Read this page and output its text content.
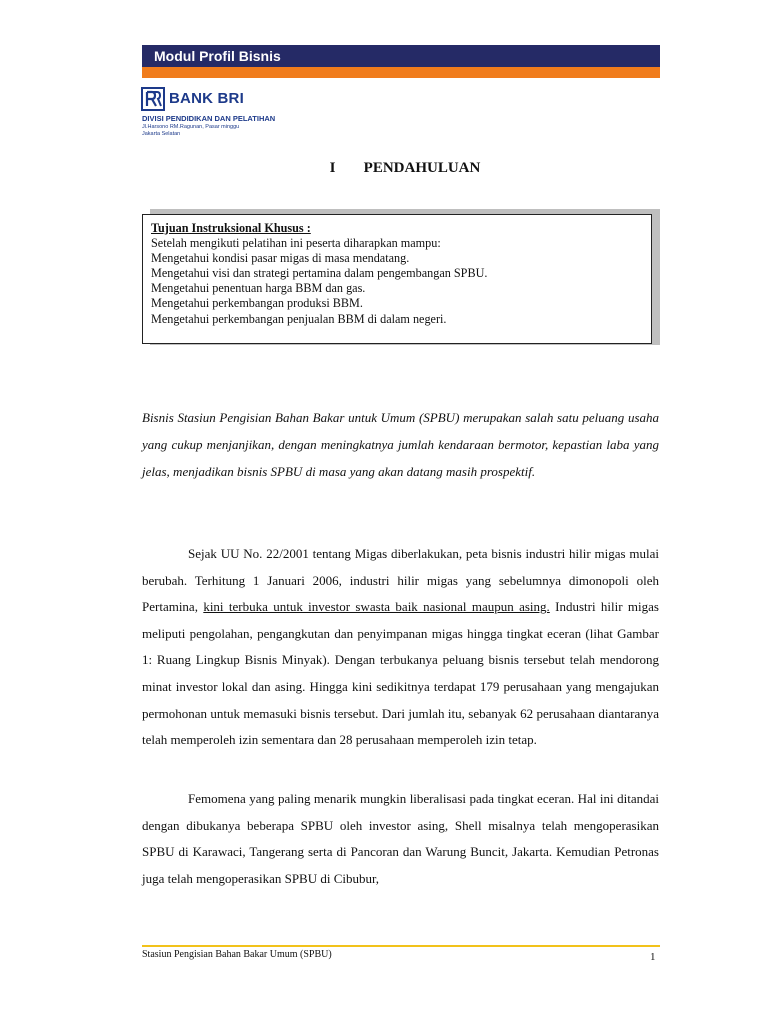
Modul Profil Bisnis
BANK BRI
DIVISI PENDIDIKAN DAN PELATIHAN
Jl.Harsono RM.Ragunan, Pasar minggu
Jakarta Selatan
I PENDAHULUAN
Tujuan Instruksional Khusus :
Setelah mengikuti pelatihan ini peserta diharapkan mampu:
Mengetahui kondisi pasar migas di masa mendatang.
Mengetahui visi dan strategi pertamina dalam pengembangan SPBU.
Mengetahui penentuan harga BBM dan gas.
Mengetahui perkembangan produksi BBM.
Mengetahui perkembangan penjualan BBM di dalam negeri.

Bisnis Stasiun Pengisian Bahan Bakar untuk Umum (SPBU) merupakan salah satu peluang usaha yang cukup menjanjikan, dengan meningkatnya jumlah kendaraan bermotor, kepastian laba yang jelas, menjadikan bisnis SPBU di masa yang akan datang masih prospektif.

Sejak UU No. 22/2001 tentang Migas diberlakukan, peta bisnis industri hilir migas mulai berubah. Terhitung 1 Januari 2006, industri hilir migas yang sebelumnya dimonopoli oleh Pertamina, kini terbuka untuk investor swasta baik nasional maupun asing. Industri hilir migas meliputi pengolahan, pengangkutan dan penyimpanan migas hingga tingkat eceran (lihat Gambar 1: Ruang Lingkup Bisnis Minyak). Dengan terbukanya peluang bisnis tersebut telah mendorong minat investor lokal dan asing. Hingga kini sedikitnya terdapat 179 perusahaan yang mengajukan permohonan untuk memasuki bisnis tersebut. Dari jumlah itu, sebanyak 62 perusahaan diantaranya telah memperoleh izin sementara dan 28 perusahaan memperoleh izin tetap.

Femomena yang paling menarik mungkin liberalisasi pada tingkat eceran. Hal ini ditandai dengan dibukanya beberapa SPBU oleh investor asing, Shell misalnya telah mengoperasikan SPBU di Karawaci, Tangerang serta di Pancoran dan Warung Buncit, Jakarta. Kemudian Petronas juga telah mengoperasikan SPBU di Cibubur,

Stasiun Pengisian Bahan Bakar Umum (SPBU)	1
